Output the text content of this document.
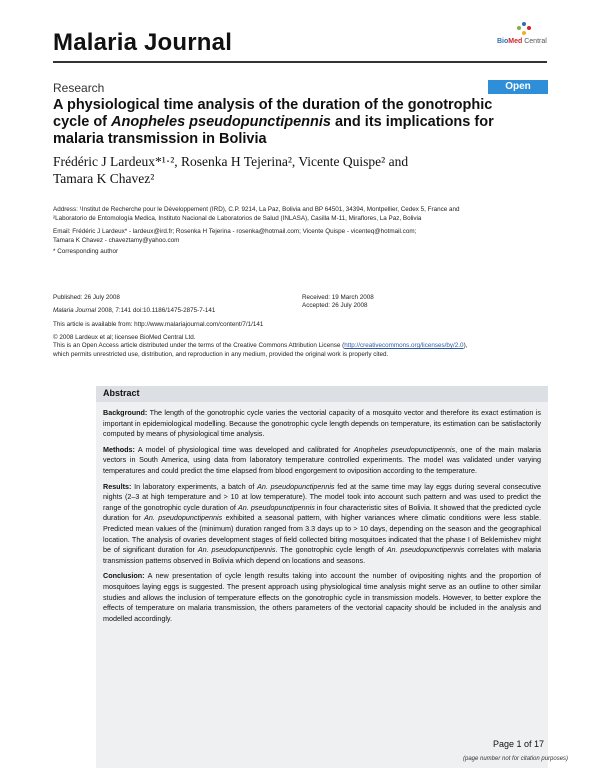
Malaria Journal	BioMed Central
Research	Open Access
A physiological time analysis of the duration of the gonotrophic
cycle of Anopheles pseudopunctipennis and its implications for
malaria transmission in Bolivia
Frédéric J Lardeux*¹·², Rosenka H Tejerina², Vicente Quispe² and
Tamara K Chavez²
Address: ¹Institut de Recherche pour le Développement (IRD), C.P. 9214, La Paz, Bolivia and BP 64501, 34394, Montpellier, Cedex 5, France and
²Laboratorio de Entomología Medica, Instituto Nacional de Laboratorios de Salud (INLASA), Casilla M-11, Miraflores, La Paz, Bolivia
Email: Frédéric J Lardeux* - lardeux@ird.fr; Rosenka H Tejerina - rosenka@hotmail.com; Vicente Quispe - vicenteq@hotmail.com;
Tamara K Chavez - chaveztamy@yahoo.com
* Corresponding author
Published: 26 July 2008	Received: 19 March 2008
Accepted: 26 July 2008
Malaria Journal 2008, 7:141 doi:10.1186/1475-2875-7-141
This article is available from: http://www.malariajournal.com/content/7/1/141
© 2008 Lardeux et al; licensee BioMed Central Ltd.
This is an Open Access article distributed under the terms of the Creative Commons Attribution License (http://creativecommons.org/licenses/by/2.0),
which permits unrestricted use, distribution, and reproduction in any medium, provided the original work is properly cited.
Abstract

Background: The length of the gonotrophic cycle varies the vectorial capacity of a mosquito vector and therefore its exact estimation is important in epidemiological modelling. Because the gonotrophic cycle length depends on temperature, its estimation can be satisfactorily computed by means of physiological time analysis.

Methods: A model of physiological time was developed and calibrated for Anopheles pseudopunctipennis, one of the main malaria vectors in South America, using data from laboratory temperature controlled experiments. The model was validated under varying temperatures and could predict the time elapsed from blood engorgement to oviposition according to the temperature.

Results: In laboratory experiments, a batch of An. pseudopunctipennis fed at the same time may lay eggs during several consecutive nights (2–3 at high temperature and > 10 at low temperature). The model took into account such pattern and was used to predict the range of the gonotrophic cycle duration of An. pseudopunctipennis in four characteristic sites of Bolivia. It showed that the predicted cycle duration for An. pseudopunctipennis exhibited a seasonal pattern, with higher variances where climatic conditions were less stable. Predicted mean values of the (minimum) duration ranged from 3.3 days up to > 10 days, depending on the season and the geographical location. The analysis of ovaries development stages of field collected biting mosquitoes indicated that the phase I of Beklemishev might be of significant duration for An. pseudopunctipennis. The gonotrophic cycle length of An. pseudopunctipennis correlates with malaria transmission patterns observed in Bolivia which depend on locations and seasons.

Conclusion: A new presentation of cycle length results taking into account the number of ovipositing nights and the proportion of mosquitoes laying eggs is suggested. The present approach using physiological time analysis might serve as an outline to other similar studies and allows the inclusion of temperature effects on the gonotrophic cycle in transmission models. However, to better explore the effects of temperature on malaria transmission, the others parameters of the vectorial capacity should be included in the analysis and modelled accordingly.

Page 1 of 17
(page number not for citation purposes)
